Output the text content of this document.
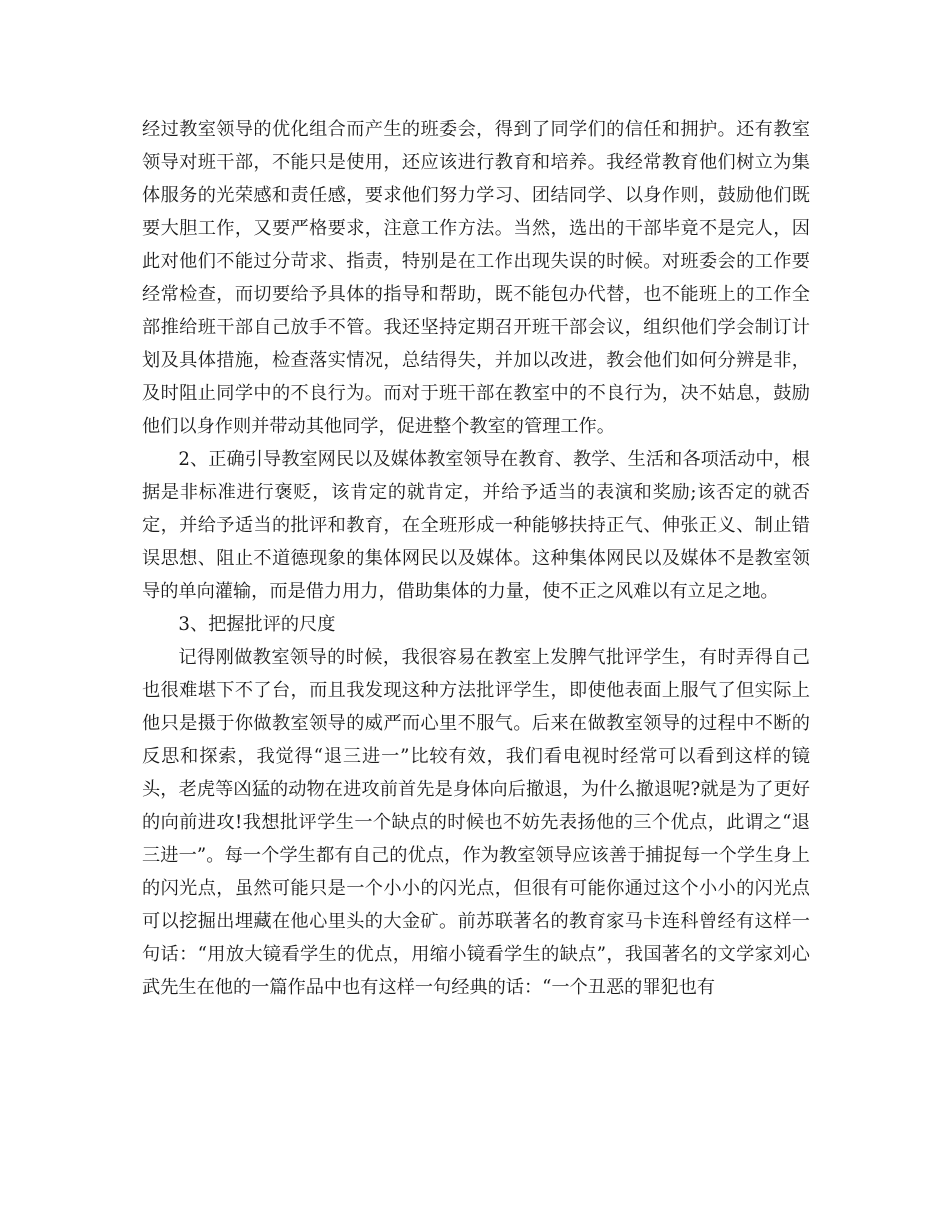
经过教室领导的优化组合而产生的班委会，得到了同学们的信任和拥护。还有教室领导对班干部，不能只是使用，还应该进行教育和培养。我经常教育他们树立为集体服务的光荣感和责任感，要求他们努力学习、团结同学、以身作则，鼓励他们既要大胆工作，又要严格要求，注意工作方法。当然，选出的干部毕竟不是完人，因此对他们不能过分苛求、指责，特别是在工作出现失误的时候。对班委会的工作要经常检查，而切要给予具体的指导和帮助，既不能包办代替，也不能班上的工作全部推给班干部自己放手不管。我还坚持定期召开班干部会议，组织他们学会制订计划及具体措施，检查落实情况，总结得失，并加以改进，教会他们如何分辨是非，及时阻止同学中的不良行为。而对于班干部在教室中的不良行为，决不姑息，鼓励他们以身作则并带动其他同学，促进整个教室的管理工作。

2、正确引导教室网民以及媒体教室领导在教育、教学、生活和各项活动中，根据是非标准进行褒贬，该肯定的就肯定，并给予适当的表演和奖励;该否定的就否定，并给予适当的批评和教育，在全班形成一种能够扶持正气、伸张正义、制止错误思想、阻止不道德现象的集体网民以及媒体。这种集体网民以及媒体不是教室领导的单向灌输，而是借力用力，借助集体的力量，使不正之风难以有立足之地。

3、把握批评的尺度

记得刚做教室领导的时候，我很容易在教室上发脾气批评学生，有时弄得自己也很难堪下不了台，而且我发现这种方法批评学生，即使他表面上服气了但实际上他只是摄于你做教室领导的威严而心里不服气。后来在做教室领导的过程中不断的反思和探索，我觉得“退三进一”比较有效，我们看电视时经常可以看到这样的镜头，老虎等凶猛的动物在进攻前首先是身体向后撤退，为什么撤退呢?就是为了更好的向前进攻!我想批评学生一个缺点的时候也不妨先表扬他的三个优点，此谓之“退三进一”。每一个学生都有自己的优点，作为教室领导应该善于捕捉每一个学生身上的闪光点，虽然可能只是一个小小的闪光点，但很有可能你通过这个小小的闪光点可以挖掘出埋藏在他心里头的大金矿。前苏联著名的教育家马卡连科曾经有这样一句话：“用放大镜看学生的优点，用缩小镜看学生的缺点”，我国著名的文学家刘心武先生在他的一篇作品中也有这样一句经典的话：“一个丑恶的罪犯也有
